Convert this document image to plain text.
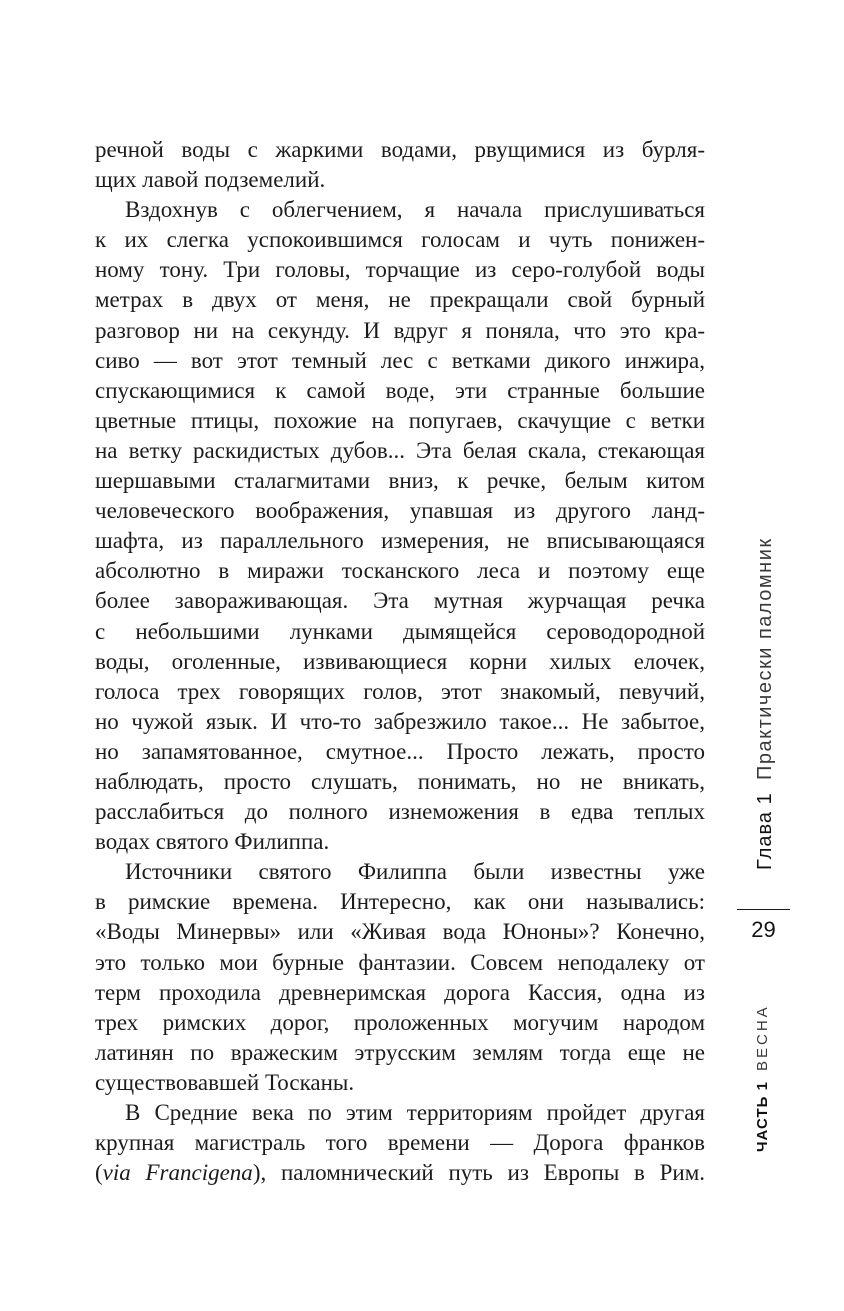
речной воды с жаркими водами, рвущимися из бурля-
щих лавой подземелий.
Вздохнув с облегчением, я начала прислушиваться
к их слегка успокоившимся голосам и чуть понижен-
ному тону. Три головы, торчащие из серо-голубой воды
метрах в двух от меня, не прекращали свой бурный
разговор ни на секунду. И вдруг я поняла, что это кра-
сиво — вот этот темный лес с ветками дикого инжира,
спускающимися к самой воде, эти странные большие
цветные птицы, похожие на попугаев, скачущие с ветки
на ветку раскидистых дубов... Эта белая скала, стекающая
шершавыми сталагмитами вниз, к речке, белым китом
человеческого воображения, упавшая из другого ланд-
шафта, из параллельного измерения, не вписывающаяся
абсолютно в миражи тосканского леса и поэтому еще
более завораживающая. Эта мутная журчащая речка
с небольшими лунками дымящейся сероводородной
воды, оголенные, извивающиеся корни хилых елочек,
голоса трех говорящих голов, этот знакомый, певучий,
но чужой язык. И что-то забрезжило такое... Не забытое,
но запамятованное, смутное... Просто лежать, просто
наблюдать, просто слушать, понимать, но не вникать,
расслабиться до полного изнеможения в едва теплых
водах святого Филиппа.
Источники святого Филиппа были известны уже
в римские времена. Интересно, как они назывались:
«Воды Минервы» или «Живая вода Юноны»? Конечно,
это только мои бурные фантазии. Совсем неподалеку от
терм проходила древнеримская дорога Кассия, одна из
трех римских дорог, проложенных могучим народом
латинян по вражеским этрусским землям тогда еще не
существовавшей Тосканы.
В Средние века по этим территориям пройдет другая
крупная магистраль того времени — Дорога франков
(via Francigena), паломнический путь из Европы в Рим.
Глава 1Практически паломник
29
ЧАСТЬ 1ВЕСНА
